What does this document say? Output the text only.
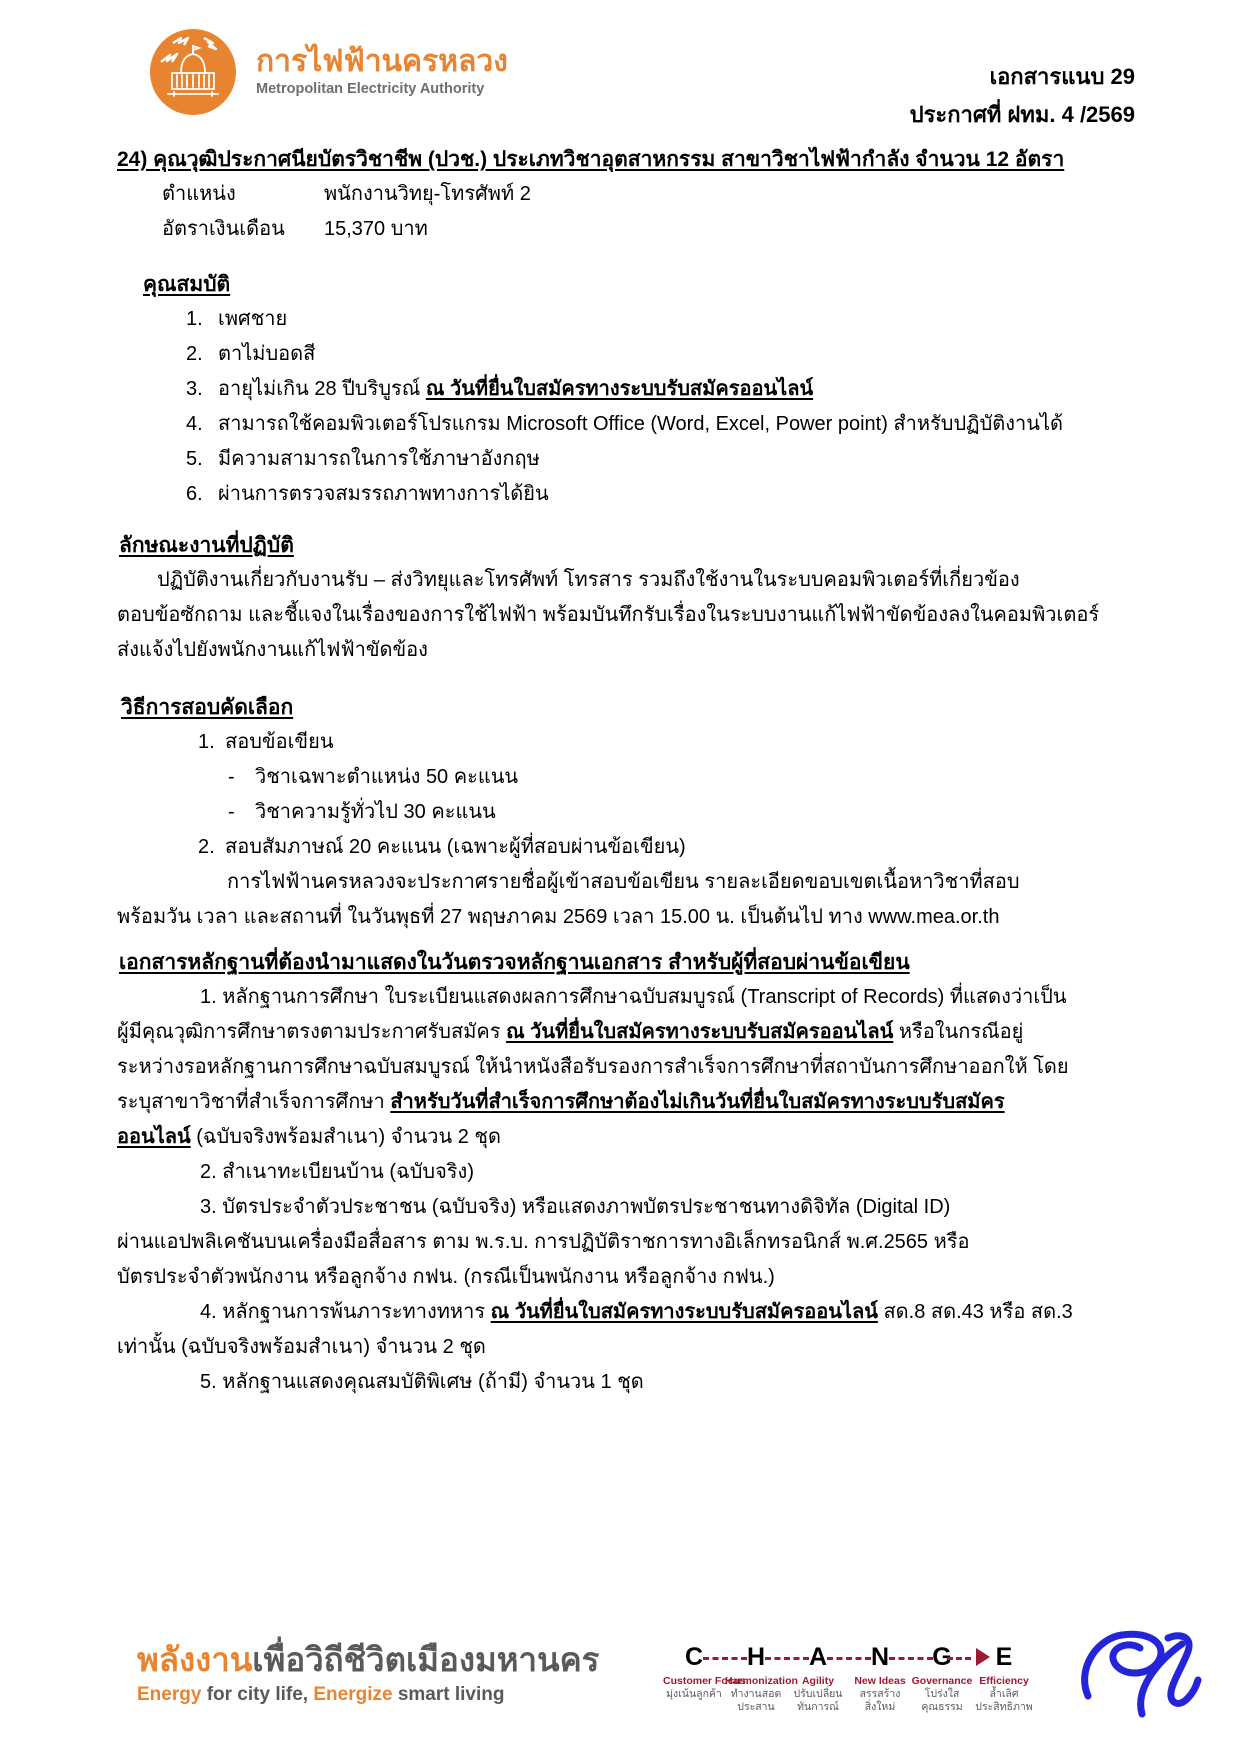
การไฟฟ้านครหลวง
Metropolitan Electricity Authority	เอกสารแนบ 29
ประกาศที่ ฝทม. 4 /2569
24) คุณวุฒิประกาศนียบัตรวิชาชีพ (ปวช.) ประเภทวิชาอุตสาหกรรม สาขาวิชาไฟฟ้ากำลัง จำนวน 12 อัตรา
ตำแหน่ง	พนักงานวิทยุ-โทรศัพท์ 2
อัตราเงินเดือน	15,370 บาท
คุณสมบัติ
1. เพศชาย
2. ตาไม่บอดสี
3. อายุไม่เกิน 28 ปีบริบูรณ์ ณ วันที่ยื่นใบสมัครทางระบบรับสมัครออนไลน์
4. สามารถใช้คอมพิวเตอร์โปรแกรม Microsoft Office (Word, Excel, Power point) สำหรับปฏิบัติงานได้
5. มีความสามารถในการใช้ภาษาอังกฤษ
6. ผ่านการตรวจสมรรถภาพทางการได้ยิน
ลักษณะงานที่ปฏิบัติ
ปฏิบัติงานเกี่ยวกับงานรับ – ส่งวิทยุและโทรศัพท์ โทรสาร รวมถึงใช้งานในระบบคอมพิวเตอร์ที่เกี่ยวข้อง
ตอบข้อซักถาม และชี้แจงในเรื่องของการใช้ไฟฟ้า พร้อมบันทึกรับเรื่องในระบบงานแก้ไฟฟ้าขัดข้องลงในคอมพิวเตอร์
ส่งแจ้งไปยังพนักงานแก้ไฟฟ้าขัดข้อง
วิธีการสอบคัดเลือก
1. สอบข้อเขียน
-	วิชาเฉพาะตำแหน่ง 50 คะแนน
-	วิชาความรู้ทั่วไป 30 คะแนน
2. สอบสัมภาษณ์ 20 คะแนน (เฉพาะผู้ที่สอบผ่านข้อเขียน)
การไฟฟ้านครหลวงจะประกาศรายชื่อผู้เข้าสอบข้อเขียน รายละเอียดขอบเขตเนื้อหาวิชาที่สอบ
พร้อมวัน เวลา และสถานที่ ในวันพุธที่ 27 พฤษภาคม 2569 เวลา 15.00 น. เป็นต้นไป ทาง www.mea.or.th
เอกสารหลักฐานที่ต้องนำมาแสดงในวันตรวจหลักฐานเอกสาร สำหรับผู้ที่สอบผ่านข้อเขียน
1. หลักฐานการศึกษา ใบระเบียนแสดงผลการศึกษาฉบับสมบูรณ์ (Transcript of Records) ที่แสดงว่าเป็น
ผู้มีคุณวุฒิการศึกษาตรงตามประกาศรับสมัคร ณ วันที่ยื่นใบสมัครทางระบบรับสมัครออนไลน์ หรือในกรณีอยู่
ระหว่างรอหลักฐานการศึกษาฉบับสมบูรณ์ ให้นำหนังสือรับรองการสำเร็จการศึกษาที่สถาบันการศึกษาออกให้ โดย
ระบุสาขาวิชาที่สำเร็จการศึกษา สำหรับวันที่สำเร็จการศึกษาต้องไม่เกินวันที่ยื่นใบสมัครทางระบบรับสมัคร
ออนไลน์ (ฉบับจริงพร้อมสำเนา) จำนวน 2 ชุด
2. สำเนาทะเบียนบ้าน (ฉบับจริง)
3. บัตรประจำตัวประชาชน (ฉบับจริง) หรือแสดงภาพบัตรประชาชนทางดิจิทัล (Digital ID)
ผ่านแอปพลิเคชันบนเครื่องมือสื่อสาร ตาม พ.ร.บ. การปฏิบัติราชการทางอิเล็กทรอนิกส์ พ.ศ.2565 หรือ
บัตรประจำตัวพนักงาน หรือลูกจ้าง กฟน. (กรณีเป็นพนักงาน หรือลูกจ้าง กฟน.)
4. หลักฐานการพ้นภาระทางทหาร ณ วันที่ยื่นใบสมัครทางระบบรับสมัครออนไลน์ สด.8 สด.43 หรือ สด.3
เท่านั้น (ฉบับจริงพร้อมสำเนา) จำนวน 2 ชุด
5. หลักฐานแสดงคุณสมบัติพิเศษ (ถ้ามี) จำนวน 1 ชุด
พลังงานเพื่อวิถีชีวิตเมืองมหานคร
Energy for city life, Energize smart living
C
Customer Focus
มุ่งเน้นลูกค้า
H
Harmonization
ทำงานสอดประสาน
A
Agility
ปรับเปลี่ยน
ทันการณ์
N
New Ideas
สรรสร้าง
สิ่งใหม่
G
Governance
โปร่งใสคุณธรรม
E
Efficiency
ล้ำเลิศ
ประสิทธิภาพ
